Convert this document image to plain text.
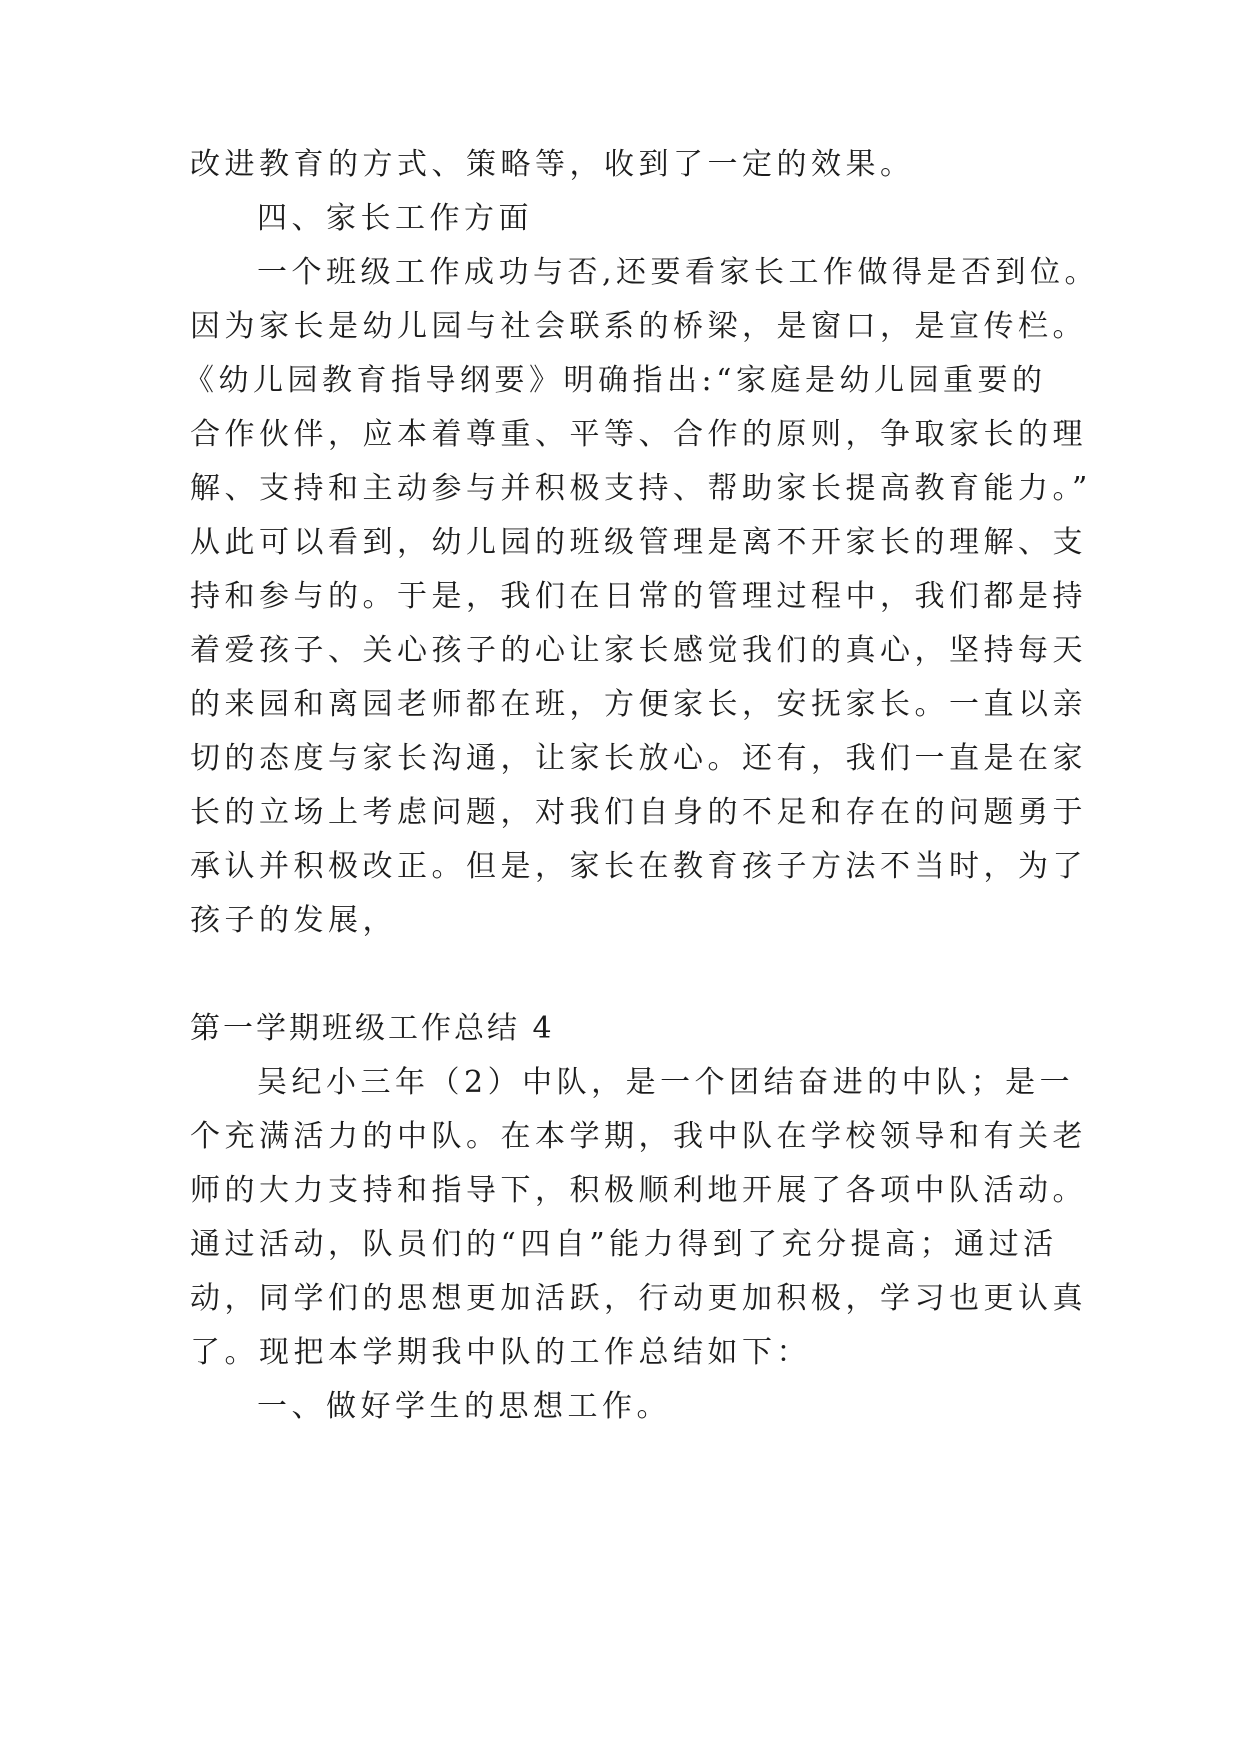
改进教育的方式、策略等，收到了一定的效果。

四、家长工作方面

一个班级工作成功与否,还要看家长工作做得是否到位。

因为家长是幼儿园与社会联系的桥梁，是窗口，是宣传栏。

《幼儿园教育指导纲要》明确指出:“家庭是幼儿园重要的

合作伙伴，应本着尊重、平等、合作的原则，争取家长的理

解、支持和主动参与并积极支持、帮助家长提高教育能力。”

从此可以看到，幼儿园的班级管理是离不开家长的理解、支

持和参与的。于是，我们在日常的管理过程中，我们都是持

着爱孩子、关心孩子的心让家长感觉我们的真心，坚持每天

的来园和离园老师都在班，方便家长，安抚家长。一直以亲

切的态度与家长沟通，让家长放心。还有，我们一直是在家

长的立场上考虑问题，对我们自身的不足和存在的问题勇于

承认并积极改正。但是，家长在教育孩子方法不当时，为了

孩子的发展，

第一学期班级工作总结 4

吴纪小三年（2）中队，是一个团结奋进的中队；是一

个充满活力的中队。在本学期，我中队在学校领导和有关老

师的大力支持和指导下，积极顺利地开展了各项中队活动。

通过活动，队员们的“四自”能力得到了充分提高；通过活

动，同学们的思想更加活跃，行动更加积极，学习也更认真

了。现把本学期我中队的工作总结如下：

一、做好学生的思想工作。
